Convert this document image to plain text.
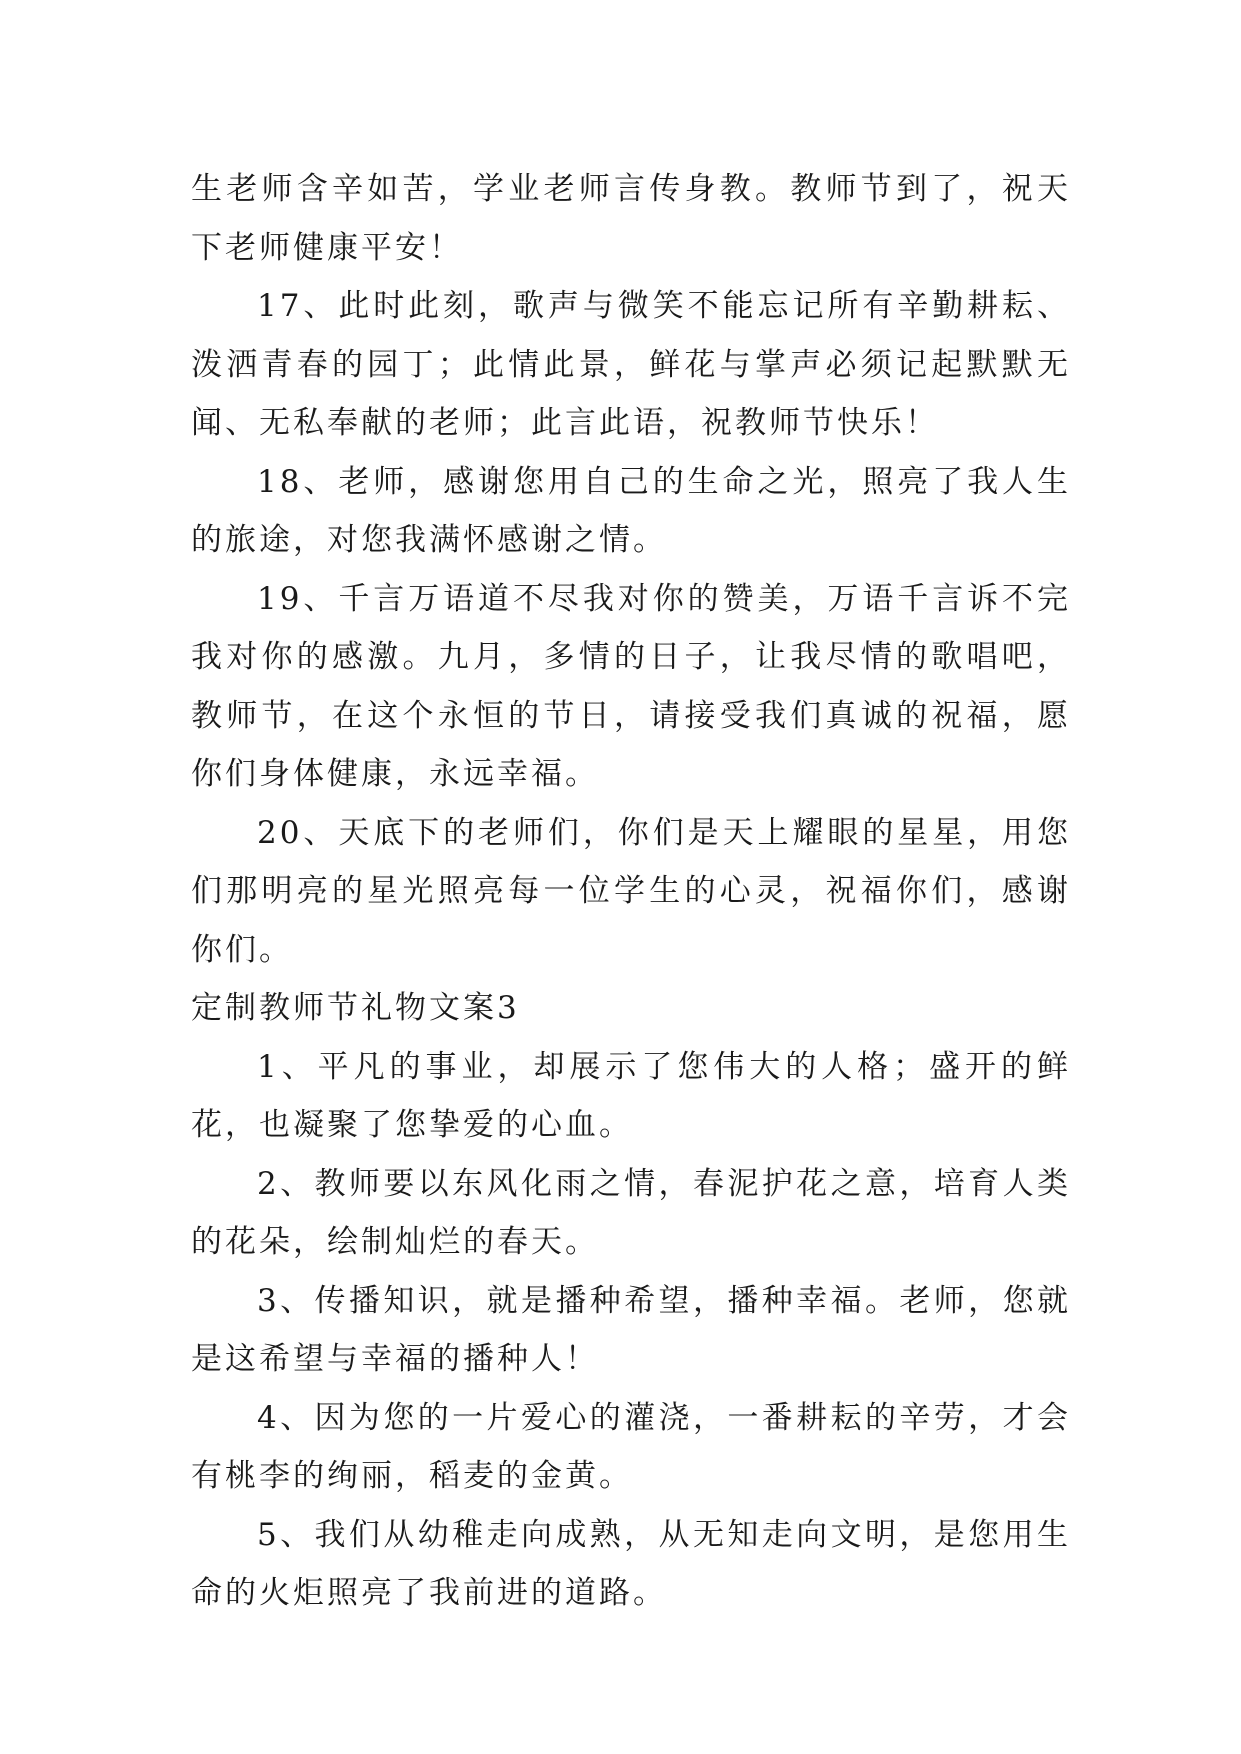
生老师含辛如苦，学业老师言传身教。教师节到了，祝天下老师健康平安！

17、此时此刻，歌声与微笑不能忘记所有辛勤耕耘、泼洒青春的园丁；此情此景，鲜花与掌声必须记起默默无闻、无私奉献的老师；此言此语，祝教师节快乐！

18、老师，感谢您用自己的生命之光，照亮了我人生的旅途，对您我满怀感谢之情。

19、千言万语道不尽我对你的赞美，万语千言诉不完我对你的感激。九月，多情的日子，让我尽情的歌唱吧，教师节，在这个永恒的节日，请接受我们真诚的祝福，愿你们身体健康，永远幸福。

20、天底下的老师们，你们是天上耀眼的星星，用您们那明亮的星光照亮每一位学生的心灵，祝福你们，感谢你们。

定制教师节礼物文案3

1、平凡的事业，却展示了您伟大的人格；盛开的鲜花，也凝聚了您挚爱的心血。

2、教师要以东风化雨之情，春泥护花之意，培育人类的花朵，绘制灿烂的春天。

3、传播知识，就是播种希望，播种幸福。老师，您就是这希望与幸福的播种人！

4、因为您的一片爱心的灌浇，一番耕耘的辛劳，才会有桃李的绚丽，稻麦的金黄。

5、我们从幼稚走向成熟，从无知走向文明，是您用生命的火炬照亮了我前进的道路。
